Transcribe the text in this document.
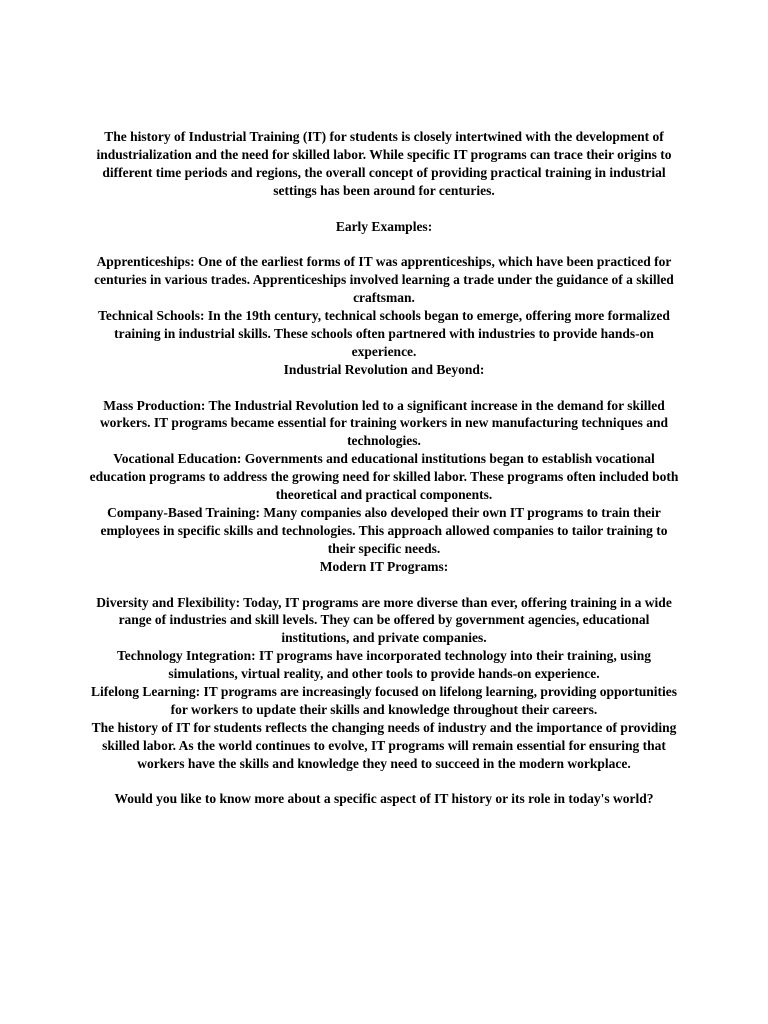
The history of Industrial Training (IT) for students is closely intertwined with the development of industrialization and the need for skilled labor. While specific IT programs can trace their origins to different time periods and regions, the overall concept of providing practical training in industrial settings has been around for centuries.

Early Examples:

Apprenticeships: One of the earliest forms of IT was apprenticeships, which have been practiced for centuries in various trades. Apprenticeships involved learning a trade under the guidance of a skilled craftsman.

Technical Schools: In the 19th century, technical schools began to emerge, offering more formalized training in industrial skills. These schools often partnered with industries to provide hands-on experience.

Industrial Revolution and Beyond:

Mass Production: The Industrial Revolution led to a significant increase in the demand for skilled workers. IT programs became essential for training workers in new manufacturing techniques and technologies.

Vocational Education: Governments and educational institutions began to establish vocational education programs to address the growing need for skilled labor. These programs often included both theoretical and practical components.

Company-Based Training: Many companies also developed their own IT programs to train their employees in specific skills and technologies. This approach allowed companies to tailor training to their specific needs.

Modern IT Programs:

Diversity and Flexibility: Today, IT programs are more diverse than ever, offering training in a wide range of industries and skill levels. They can be offered by government agencies, educational institutions, and private companies.

Technology Integration: IT programs have incorporated technology into their training, using simulations, virtual reality, and other tools to provide hands-on experience.

Lifelong Learning: IT programs are increasingly focused on lifelong learning, providing opportunities for workers to update their skills and knowledge throughout their careers.

The history of IT for students reflects the changing needs of industry and the importance of providing skilled labor. As the world continues to evolve, IT programs will remain essential for ensuring that workers have the skills and knowledge they need to succeed in the modern workplace.

Would you like to know more about a specific aspect of IT history or its role in today's world?
